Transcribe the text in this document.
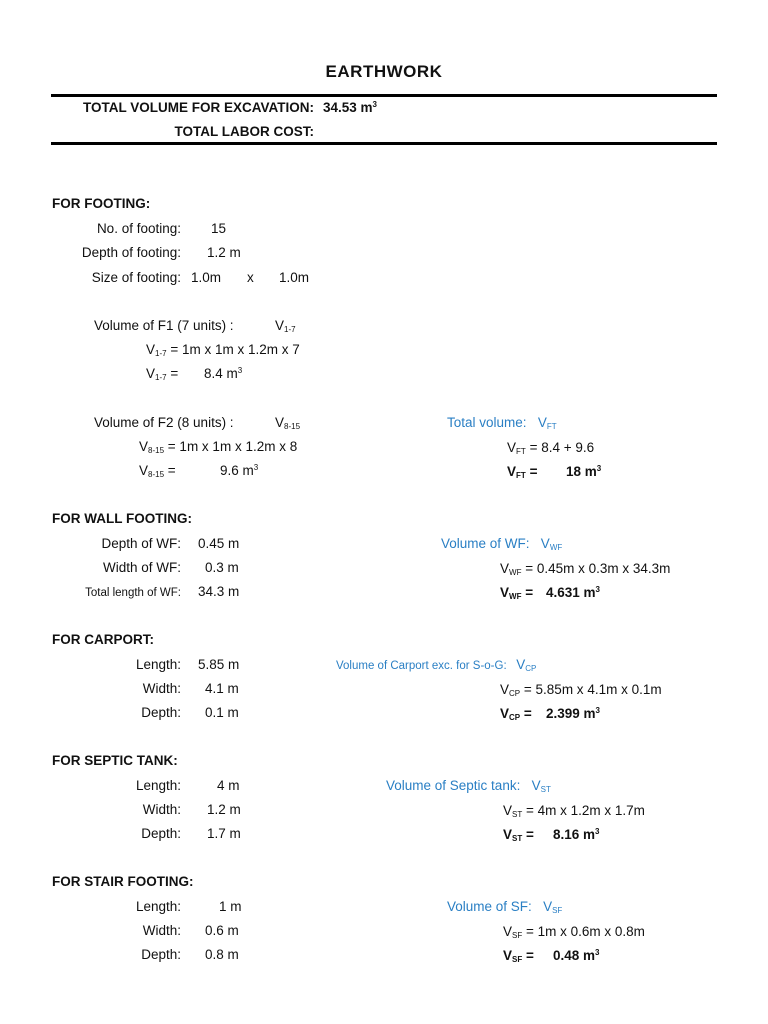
EARTHWORK
TOTAL VOLUME FOR EXCAVATION: 34.53 $m^3$
TOTAL LABOR COST:
FOR FOOTING:
No. of footing: 15
Depth of footing: 1.2 m
Size of footing: 1.0m x 1.0m
Volume of F1 (7 units) :	$V_{1-7}$
$V_{1-7} = 1m$ x 1m x 1.2m x 7
$V_{1-7} = 8.4$ $m^3$
Volume of F2 (8 units) :	$V_{8-15}$
$V_{8-15} = 1m$ x 1m x 1.2m x 8
$V_{8-15}$ =	9.6 $m^3$
Total volume: $V_{FT}$
$V_{FT} = 8.4 + 9.6$
$V_{FT} = 18$ $m^3$
FOR WALL FOOTING:
Depth of WF: 0.45 m
Width of WF: 0.3 m
Total length of WF: 34.3 m
Volume of WF: $V_{WF}$
$V_{WF} = 0.45m$ x 0.3m x 34.3m
$V_{WF} = 4.631$ $m^3$
FOR CARPORT:
Length: 5.85 m
Width: 4.1 m
Depth: 0.1 m
Volume of Carport exc. for S-o-G: $V_{CP}$
$V_{CP} = 5.85m$ x 4.1m x 0.1m
$V_{CP} = 2.399$ $m^3$
FOR SEPTIC TANK:
Length:	4 m
Width: 1.2 m
Depth: 1.7 m
Volume of Septic tank: $V_{ST}$
$V_{ST} = 4m$ x 1.2m x 1.7m
$V_{ST} = 8.16$ $m^3$
FOR STAIR FOOTING:
Length:	1 m
Width: 0.6 m
Depth: 0.8 m
Volume of SF: $V_{SF}$
$V_{SF} = 1m$ x 0.6m x 0.8m
$V_{SF} = 0.48$ $m^3$
